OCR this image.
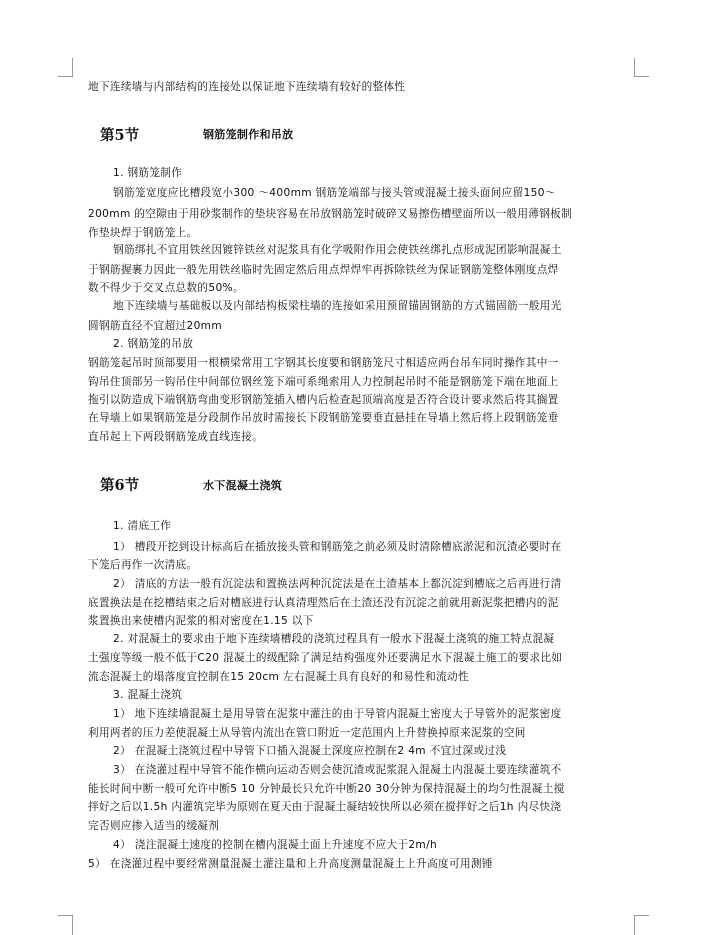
地下连续墙与内部结构的连接处以保证地下连续墙有较好的整体性
第5节	钢筋笼制作和吊放
1. 钢筋笼制作
钢筋笼宽度应比槽段宽小300 ～400mm 钢筋笼端部与接头管或混凝土接头面间应留150～
200mm 的空隙由于用砂浆制作的垫块容易在吊放钢筋笼时破碎又易擦伤槽壁面所以一般用薄钢板制
作垫块焊于钢筋笼上。
钢筋绑扎不宜用铁丝因镀锌铁丝对泥浆具有化学吸附作用会使铁丝绑扎点形成泥团影响混凝土
于钢筋握裹力因此一般先用铁丝临时先固定然后用点焊焊牢再拆除铁丝为保证钢筋笼整体刚度点焊
数不得少于交叉点总数的50%。
地下连续墙与基础板以及内部结构板梁柱墙的连接如采用预留锚固钢筋的方式锚固筋一般用光
圆钢筋直径不宜超过20mm
2. 钢筋笼的吊放
钢筋笼起吊时顶部要用一根横梁常用工字钢其长度要和钢筋笼尺寸相适应两台吊车同时操作其中一
钩吊住顶部另一钩吊住中间部位钢丝笼下端可系绳索用人力控制起吊时不能是钢筋笼下端在地面上
拖引以防造成下端钢筋弯曲变形钢筋笼插入槽内后检查起顶端高度是否符合设计要求然后将其搁置
在导墙上如果钢筋笼是分段制作吊放时需接长下段钢筋笼要垂直悬挂在导墙上然后将上段钢筋笼垂
直吊起上下两段钢筋笼成直线连接。
第6节	水下混凝土浇筑
1. 清底工作
1） 槽段开挖到设计标高后在插放接头管和钢筋笼之前必须及时清除槽底淤泥和沉渣必要时在
下笼后再作一次清底。
2） 清底的方法一般有沉淀法和置换法两种沉淀法是在土渣基本上都沉淀到槽底之后再进行清
底置换法是在挖槽结束之后对槽底进行认真清理然后在土渣还没有沉淀之前就用新泥浆把槽内的泥
浆置换出来使槽内泥浆的相对密度在1.15 以下
2. 对混凝土的要求由于地下连续墙槽段的浇筑过程具有一般水下混凝土浇筑的施工特点混凝
土强度等级一般不低于C20 混凝土的级配除了满足结构强度外还要满足水下混凝土施工的要求比如
流态混凝土的塌落度宜控制在15 20cm 左右混凝土具有良好的和易性和流动性
3. 混凝土浇筑
1） 地下连续墙混凝土是用导管在泥浆中灌注的由于导管内混凝土密度大于导管外的泥浆密度
利用两者的压力差使混凝土从导管内流出在管口附近一定范围内上升替换掉原来泥浆的空间
2） 在混凝土浇筑过程中导管下口插入混凝土深度应控制在2 4m 不宜过深或过浅
3） 在浇灌过程中导管不能作横向运动否则会使沉渣或泥浆混入混凝土内混凝土要连续灌筑不
能长时间中断一般可允许中断5 10 分钟最长只允许中断20 30分钟为保持混凝土的均匀性混凝土搅
拌好之后以1.5h 内灌筑完毕为原则在夏天由于混凝土凝结较快所以必须在搅拌好之后1h 内尽快浇
完否则应掺入适当的缓凝剂
4） 浇注混凝土速度的控制在槽内混凝土面上升速度不应大于2m/h
5） 在浇灌过程中要经常测量混凝土灌注量和上升高度测量混凝土上升高度可用测锤
